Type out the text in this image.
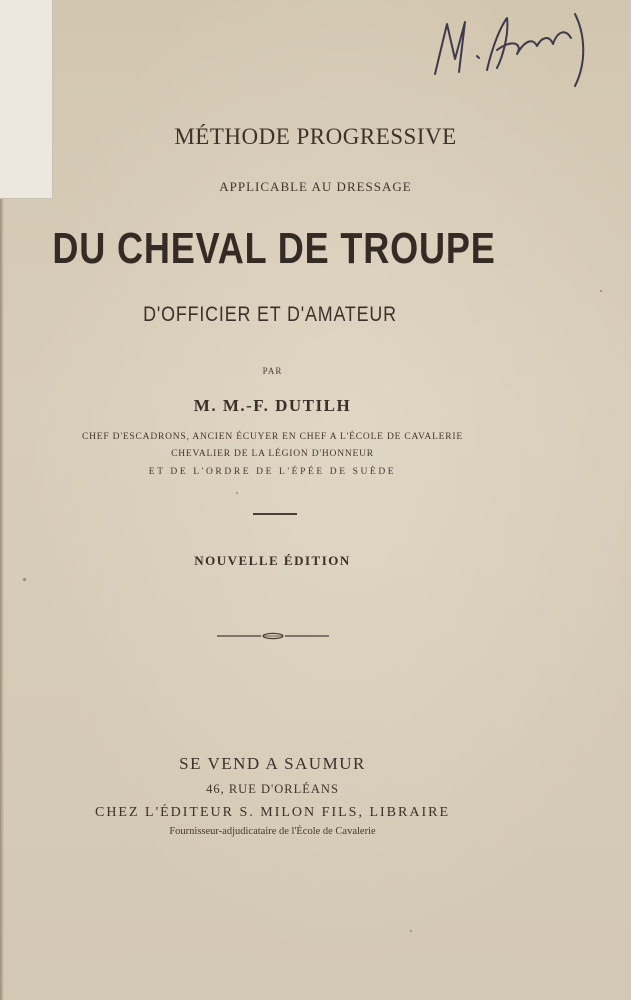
MÉTHODE PROGRESSIVE
APPLICABLE AU DRESSAGE
DU CHEVAL DE TROUPE
D'OFFICIER ET D'AMATEUR
PAR
M. M.-F. DUTILH
CHEF D'ESCADRONS, ANCIEN ÉCUYER EN CHEF A L'ÉCOLE DE CAVALERIE
CHEVALIER DE LA LÉGION D'HONNEUR
ET DE L'ORDRE DE L'ÉPÉE DE SUÈDE
NOUVELLE ÉDITION
SE VEND A SAUMUR
46, RUE D'ORLÉANS
CHEZ L'ÉDITEUR S. MILON FILS, LIBRAIRE
Fournisseur-adjudicataire de l'École de Cavalerie
